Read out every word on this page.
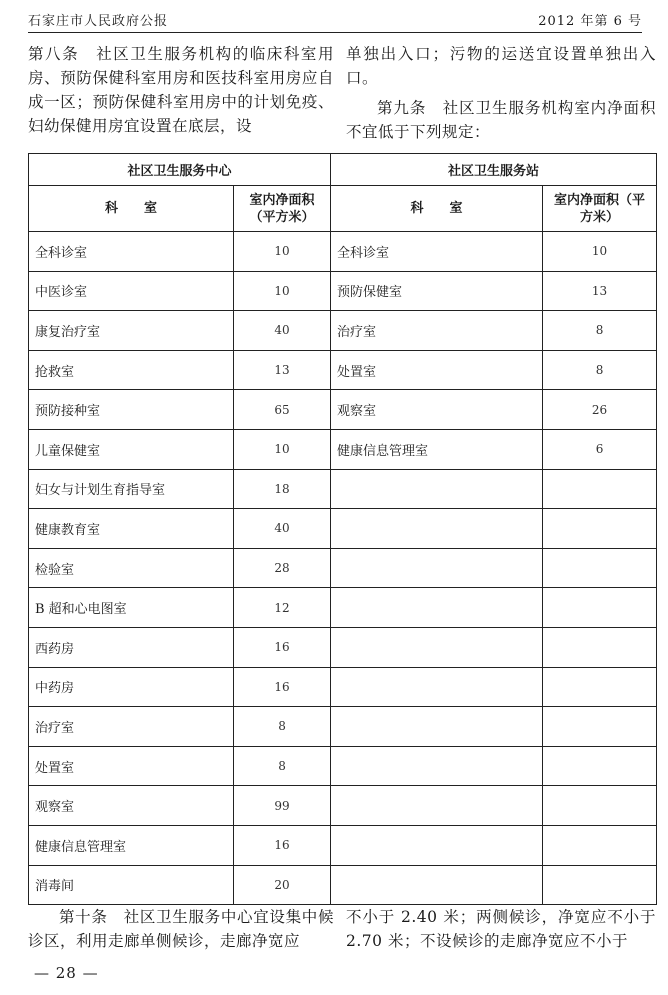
石家庄市人民政府公报	2012 年第 6 号

第八条　社区卫生服务机构的临床科室用房、预防保健科室用房和医技科室用房应自成一区；预防保健科室用房中的计划免疫、妇幼保健用房宜设置在底层，设

单独出入口；污物的运送宜设置单独出入口。

第九条　社区卫生服务机构室内净面积不宜低于下列规定：

社区卫生服务中心		社区卫生服务站	
科　　室	室内净面积（平方米）	科　　室	室内净面积（平方米）
全科诊室	10	全科诊室	10
中医诊室	10	预防保健室	13
康复治疗室	40	治疗室	8
抢救室	13	处置室	8
预防接种室	65	观察室	26
儿童保健室	10	健康信息管理室	6
妇女与计划生育指导室	18		
健康教育室	40		
检验室	28		
B 超和心电图室	12		
西药房	16		
中药房	16		
治疗室	8		
处置室	8		
观察室	99		
健康信息管理室	16		
消毒间	20		

第十条　社区卫生服务中心宜设集中候诊区，利用走廊单侧候诊，走廊净宽应

不小于 2.40 米；两侧候诊，净宽应不小于 2.70 米；不设候诊的走廊净宽应不小于

— 28 —
